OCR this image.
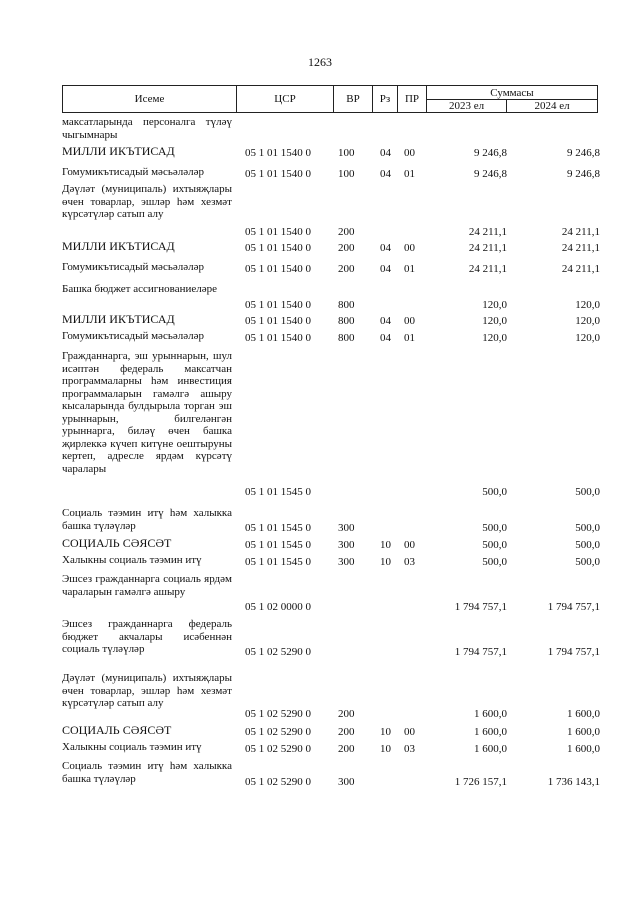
1263
Исеме	ЦСР	ВР	Рз	ПР
Суммасы
2023 ел	2024 ел
максатларында персоналга түләү чыгымнары
МИЛЛИ ИКЪТИСАД	05 1 01 1540 0 100 04 00	9 246,8	9 246,8
Гомумикътисадый мәсьәләләр	05 1 01 1540 0 100 04 01	9 246,8	9 246,8
Дәүләт (муниципаль) ихтыяҗлары өчен товарлар, эшләр һәм хезмәт күрсәтүләр сатып алу
05 1 01 1540 0 200	24 211,1	24 211,1
МИЛЛИ ИКЪТИСАД	05 1 01 1540 0 200 04 00	24 211,1	24 211,1
Гомумикътисадый мәсьәләләр	05 1 01 1540 0 200 04 01	24 211,1	24 211,1
Башка бюджет ассигнованиеләре
05 1 01 1540 0 800	120,0	120,0
МИЛЛИ ИКЪТИСАД	05 1 01 1540 0 800 04 00	120,0	120,0
Гомумикътисадый мәсьәләләр	05 1 01 1540 0 800 04 01	120,0	120,0
Гражданнарга, эш урыннарын, шул исәптән федераль максатчан программаларны һәм инвестиция программаларын гамәлгә ашыру кысаларында булдырыла торган эш урыннарын, билгеләнгән урыннарга, биләү өчен башка җирлеккә күчеп китүне оештыруны кертеп, адресле ярдәм күрсәтү чаралары
05 1 01 1545 0	500,0	500,0
Социаль тәэмин итү һәм халыкка башка түләүләр	05 1 01 1545 0 300	500,0	500,0
СОЦИАЛЬ СӘЯСӘТ	05 1 01 1545 0 300 10 00	500,0	500,0
Халыкны социаль тәэмин итү	05 1 01 1545 0 300 10 03	500,0	500,0
Эшсез гражданнарга социаль ярдәм чараларын гамәлгә ашыру
05 1 02 0000 0	1 794 757,1	1 794 757,1
Эшсез гражданнарга федераль бюджет акчалары исәбеннән социаль түләүләр	05 1 02 5290 0	1 794 757,1	1 794 757,1
Дәүләт (муниципаль) ихтыяҗлары өчен товарлар, эшләр һәм хезмәт күрсәтүләр сатып алу
05 1 02 5290 0 200	1 600,0	1 600,0
СОЦИАЛЬ СӘЯСӘТ	05 1 02 5290 0 200 10 00	1 600,0	1 600,0
Халыкны социаль тәэмин итү	05 1 02 5290 0 200 10 03	1 600,0	1 600,0
Социаль тәэмин итү һәм халыкка башка түләүләр	05 1 02 5290 0 300	1 726 157,1	1 736 143,1
